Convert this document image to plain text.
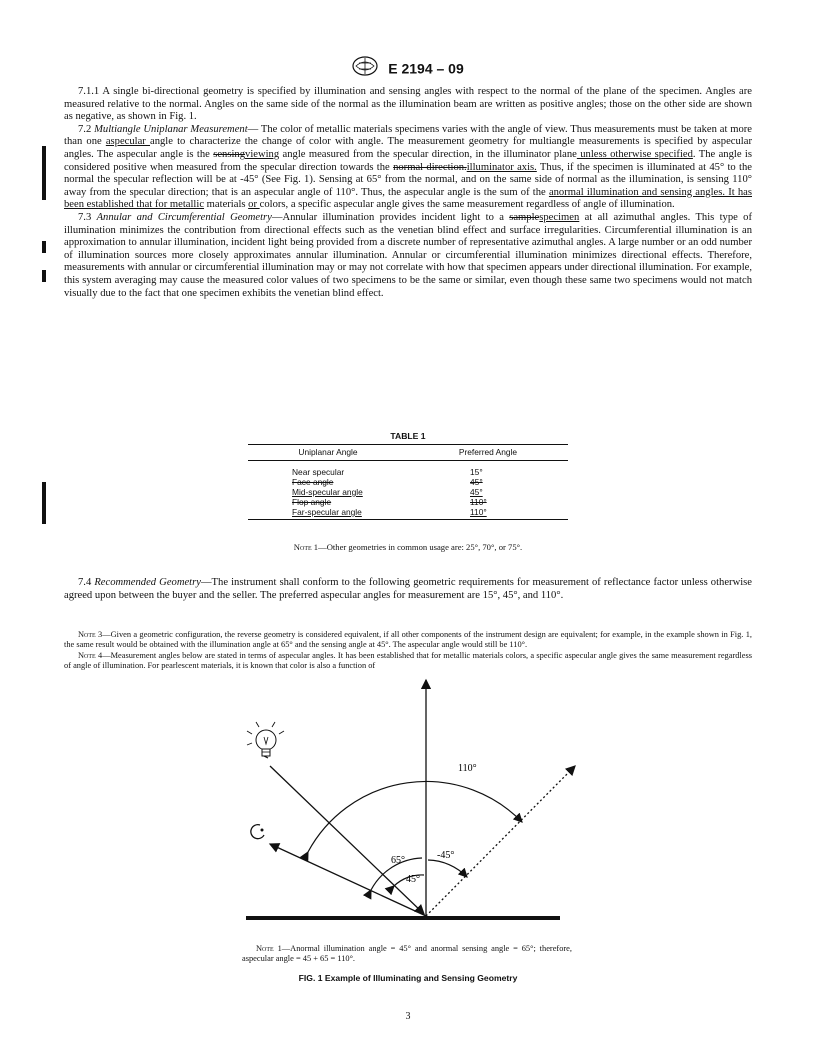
E 2194 – 09

7.1.1 A single bi-directional geometry is specified by illumination and sensing angles with respect to the normal of the plane of the specimen. Angles are measured relative to the normal. Angles on the same side of the normal as the illumination beam are written as positive angles; those on the other side are shown as negative, as shown in Fig. 1.

7.2 Multiangle Uniplanar Measurement— The color of metallic materials specimens varies with the angle of view. Thus measurements must be taken at more than one aspecular angle to characterize the change of color with angle. The measurement geometry for multiangle measurements is specified by aspecular angles. The aspecular angle is the sensingviewing angle measured from the specular direction, in the illuminator plane unless otherwise specified. The angle is considered positive when measured from the specular direction towards the normal direction.illuminator axis. Thus, if the specimen is illuminated at 45° to the normal the specular reflection will be at -45° (See Fig. 1). Sensing at 65° from the normal, and on the same side of normal as the illumination, is sensing 110° away from the specular direction; that is an aspecular angle of 110°. Thus, the aspecular angle is the sum of the anormal illumination and sensing angles. It has been established that for metallic materials or colors, a specific aspecular angle gives the same measurement regardless of angle of illumination.

7.3 Annular and Circumferential Geometry—Annular illumination provides incident light to a samplespecimen at all azimuthal angles. This type of illumination minimizes the contribution from directional effects such as the venetian blind effect and surface irregularities. Circumferential illumination is an approximation to annular illumination, incident light being provided from a discrete number of representative azimuthal angles. A large number or an odd number of illumination sources more closely approximates annular illumination. Annular or circumferential illumination minimizes directional effects. Therefore, measurements with annular or circumferential illumination may or may not correlate with how that specimen appears under directional illumination. For example, this system averaging may cause the measured color values of two specimens to be the same or similar, even though these same two specimens would not match visually due to the fact that one specimen exhibits the venetian blind effect.

TABLE 1
Uniplanar Angle	Preferred Angle
Near specular	15°
Face angle	45°
Mid-specular angle	45°
Flop angle	110°
Far-specular angle	110°
Note 1—Other geometries in common usage are: 25°, 70°, or 75°.

7.4 Recommended Geometry—The instrument shall conform to the following geometric requirements for measurement of reflectance factor unless otherwise agreed upon between the buyer and the seller. The preferred aspecular angles for measurement are 15°, 45°, and 110°.

Note 3—Given a geometric configuration, the reverse geometry is considered equivalent, if all other components of the instrument design are equivalent; for example, in the example shown in Fig. 1, the same result would be obtained with the illumination angle at 65° and the sensing angle at 45°. The aspecular angle would still be 110°.

Note 4—Measurement angles below are stated in terms of aspecular angles. It has been established that for metallic materials colors, a specific aspecular angle gives the same measurement regardless of angle of illumination. For pearlescent materials, it is known that color is also a function of

110°
65°	-45°
45°

Note 1—Anormal illumination angle = 45° and anormal sensing angle = 65°; therefore, aspecular angle = 45 + 65 = 110°.

FIG. 1 Example of Illuminating and Sensing Geometry
3
